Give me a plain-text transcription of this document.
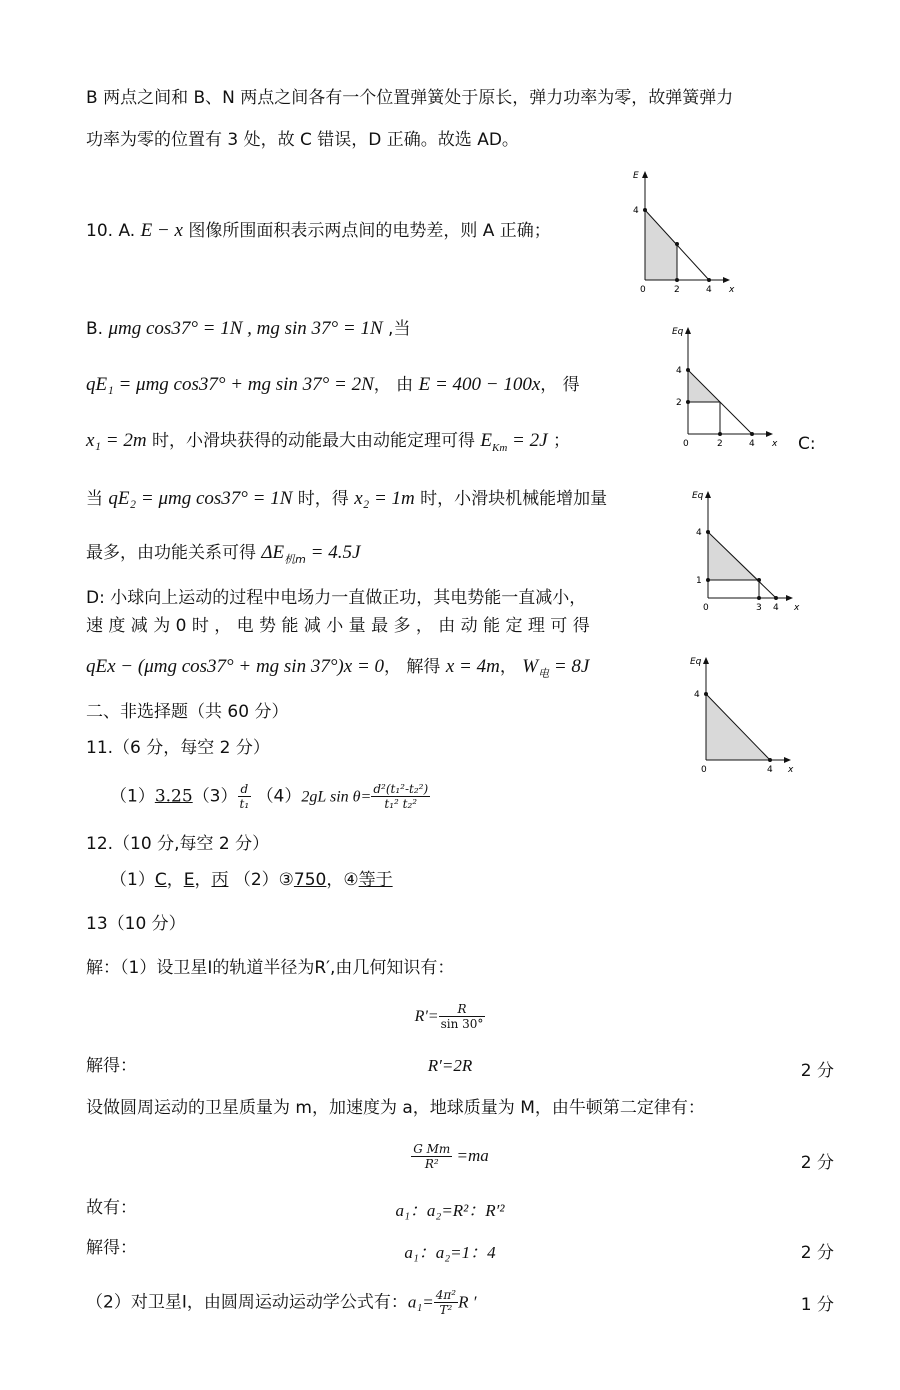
B 两点之间和 B、N 两点之间各有一个位置弹簧处于原长，弹力功率为零，故弹簧弹力
功率为零的位置有 3 处，故 C 错误，D 正确。故选 AD。
10. A. E − x 图像所围面积表示两点间的电势差，则 A 正确；
B. μmg cos37° = 1N , mg sin 37° = 1N ,当
qE₁ = μmg cos37° + mg sin 37° = 2N， 由 E = 400 − 100x， 得
x₁ = 2m 时，小滑块获得的动能最大由动能定理可得 $E_{Km} = 2J$ ；	C:
当 qE₂ = μmg cos37° = 1N 时，得 x₂ = 1m 时，小滑块机械能增加量
最多，由功能关系可得 $\Delta E_{机m} = 4.5J$
D: 小球向上运动的过程中电场力一直做正功，其电势能一直减小，
速 度 减 为 0 时 ， 电 势 能 减 小 量 最 多 ， 由 动 能 定 理 可 得
qEx − (μmg cos37° + mg sin 37°)x = 0， 解得 x = 4m， $W_电 = 8J$
二、非选择题（共 60 分）
11.（6 分，每空 2 分）
$(1)3.25(3) \frac{d}{\text{t₁}} (4)2gL$ $\sin \theta= \frac{\text{d²(t₁²-t₂²)}}{\text{t₁² t₂²}}$
12.（10 分,每空 2 分）
（1）C，E，丙 （2）③750，④等于
13（10 分）
解：（1）设卫星I的轨道半径为R′,由几何知识有：
$R'= \frac{R}{\sin 30^\circ}$
解得：	R′=2R	2 分
设做圆周运动的卫星质量为 m，加速度为 a，地球质量为 M，由牛顿第二定律有：
$\frac{\text{G Mm}}{\text{R²}} =ma$	2 分
故有：	a₁：a₂=R²：R′²
解得：	a₁：a₂=1：4	2 分
（2）对卫星I，由圆周运动运动学公式有：$a_1= \frac{\text{4π²}}{\text{T²}}$ R ′	1 分
E
4
0	2	4 x
Eq
4
2
0	2	4 x
Eq
4
1
0	3 4 x
Eq
4
0	4 x
